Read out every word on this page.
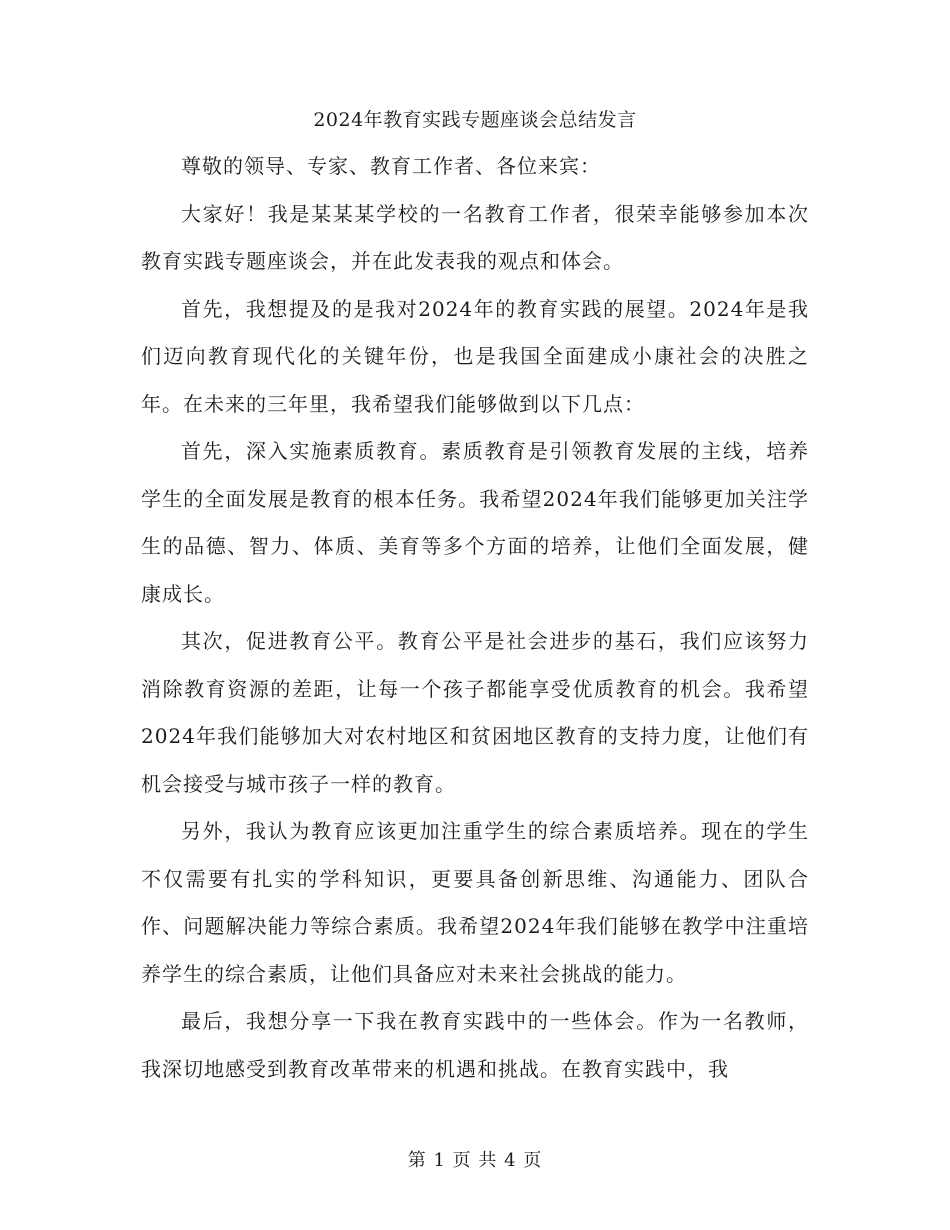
2024年教育实践专题座谈会总结发言

尊敬的领导、专家、教育工作者、各位来宾：

大家好！我是某某某学校的一名教育工作者，很荣幸能够参加本次教育实践专题座谈会，并在此发表我的观点和体会。

首先，我想提及的是我对2024年的教育实践的展望。2024年是我们迈向教育现代化的关键年份，也是我国全面建成小康社会的决胜之年。在未来的三年里，我希望我们能够做到以下几点：

首先，深入实施素质教育。素质教育是引领教育发展的主线，培养学生的全面发展是教育的根本任务。我希望2024年我们能够更加关注学生的品德、智力、体质、美育等多个方面的培养，让他们全面发展，健康成长。

其次，促进教育公平。教育公平是社会进步的基石，我们应该努力消除教育资源的差距，让每一个孩子都能享受优质教育的机会。我希望2024年我们能够加大对农村地区和贫困地区教育的支持力度，让他们有机会接受与城市孩子一样的教育。

另外，我认为教育应该更加注重学生的综合素质培养。现在的学生不仅需要有扎实的学科知识，更要具备创新思维、沟通能力、团队合作、问题解决能力等综合素质。我希望2024年我们能够在教学中注重培养学生的综合素质，让他们具备应对未来社会挑战的能力。

最后，我想分享一下我在教育实践中的一些体会。作为一名教师，我深切地感受到教育改革带来的机遇和挑战。在教育实践中，我

第 1 页 共 4 页
